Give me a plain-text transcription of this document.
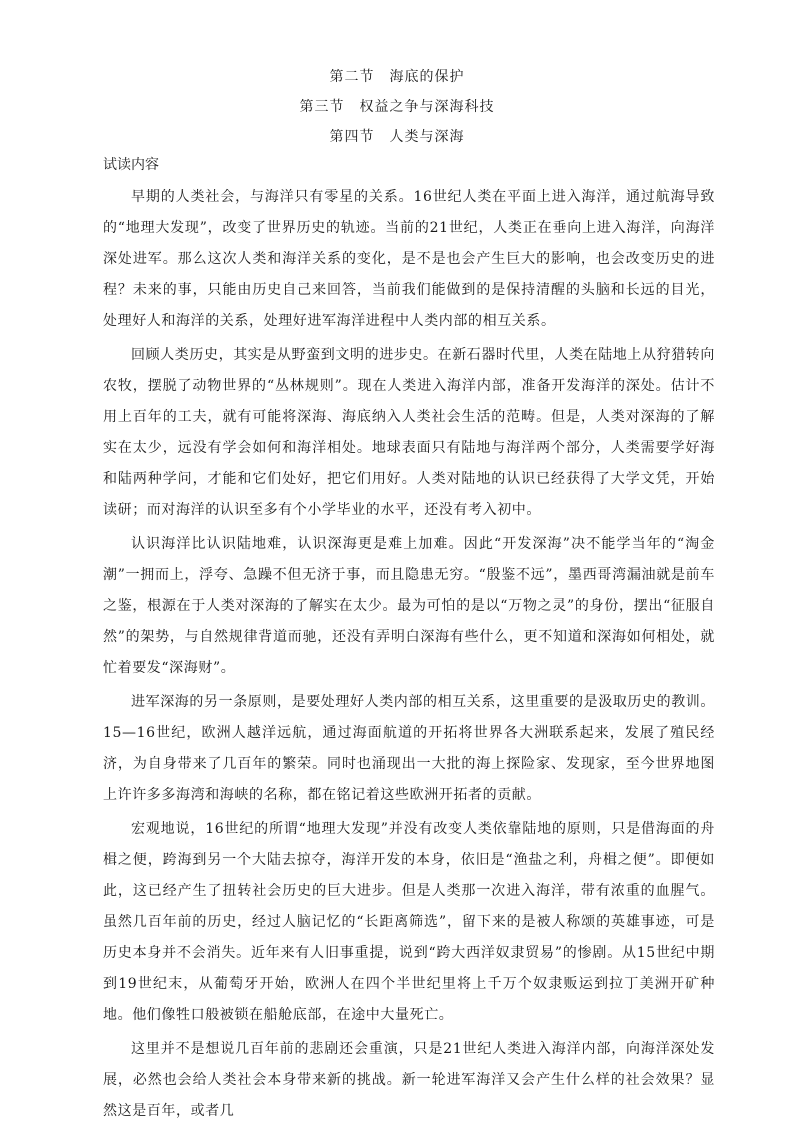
第二节　海底的保护
第三节　权益之争与深海科技
第四节　人类与深海
试读内容

早期的人类社会，与海洋只有零星的关系。16世纪人类在平面上进入海洋，通过航海导致的“地理大发现”，改变了世界历史的轨迹。当前的21世纪，人类正在垂向上进入海洋，向海洋深处进军。那么这次人类和海洋关系的变化，是不是也会产生巨大的影响，也会改变历史的进程？未来的事，只能由历史自己来回答，当前我们能做到的是保持清醒的头脑和长远的目光，处理好人和海洋的关系，处理好进军海洋进程中人类内部的相互关系。

回顾人类历史，其实是从野蛮到文明的进步史。在新石器时代里，人类在陆地上从狩猎转向农牧，摆脱了动物世界的“丛林规则”。现在人类进入海洋内部，准备开发海洋的深处。估计不用上百年的工夫，就有可能将深海、海底纳入人类社会生活的范畴。但是，人类对深海的了解实在太少，远没有学会如何和海洋相处。地球表面只有陆地与海洋两个部分，人类需要学好海和陆两种学问，才能和它们处好，把它们用好。人类对陆地的认识已经获得了大学文凭，开始读研；而对海洋的认识至多有个小学毕业的水平，还没有考入初中。

认识海洋比认识陆地难，认识深海更是难上加难。因此“开发深海”决不能学当年的“淘金潮”一拥而上，浮夸、急躁不但无济于事，而且隐患无穷。“殷鉴不远”，墨西哥湾漏油就是前车之鉴，根源在于人类对深海的了解实在太少。最为可怕的是以“万物之灵”的身份，摆出“征服自然”的架势，与自然规律背道而驰，还没有弄明白深海有些什么，更不知道和深海如何相处，就忙着要发“深海财”。

进军深海的另一条原则，是要处理好人类内部的相互关系，这里重要的是汲取历史的教训。15—16世纪，欧洲人越洋远航，通过海面航道的开拓将世界各大洲联系起来，发展了殖民经济，为自身带来了几百年的繁荣。同时也涌现出一大批的海上探险家、发现家，至今世界地图上许许多多海湾和海峡的名称，都在铭记着这些欧洲开拓者的贡献。

宏观地说，16世纪的所谓“地理大发现”并没有改变人类依靠陆地的原则，只是借海面的舟楫之便，跨海到另一个大陆去掠夺，海洋开发的本身，依旧是“渔盐之利，舟楫之便”。即便如此，这已经产生了扭转社会历史的巨大进步。但是人类那一次进入海洋，带有浓重的血腥气。虽然几百年前的历史，经过人脑记忆的“长距离筛选”，留下来的是被人称颂的英雄事迹，可是历史本身并不会消失。近年来有人旧事重提，说到“跨大西洋奴隶贸易”的惨剧。从15世纪中期到19世纪末，从葡萄牙开始，欧洲人在四个半世纪里将上千万个奴隶贩运到拉丁美洲开矿种地。他们像牲口般被锁在船舱底部，在途中大量死亡。

这里并不是想说几百年前的悲剧还会重演，只是21世纪人类进入海洋内部，向海洋深处发展，必然也会给人类社会本身带来新的挑战。新一轮进军海洋又会产生什么样的社会效果？显然这是百年，或者几
